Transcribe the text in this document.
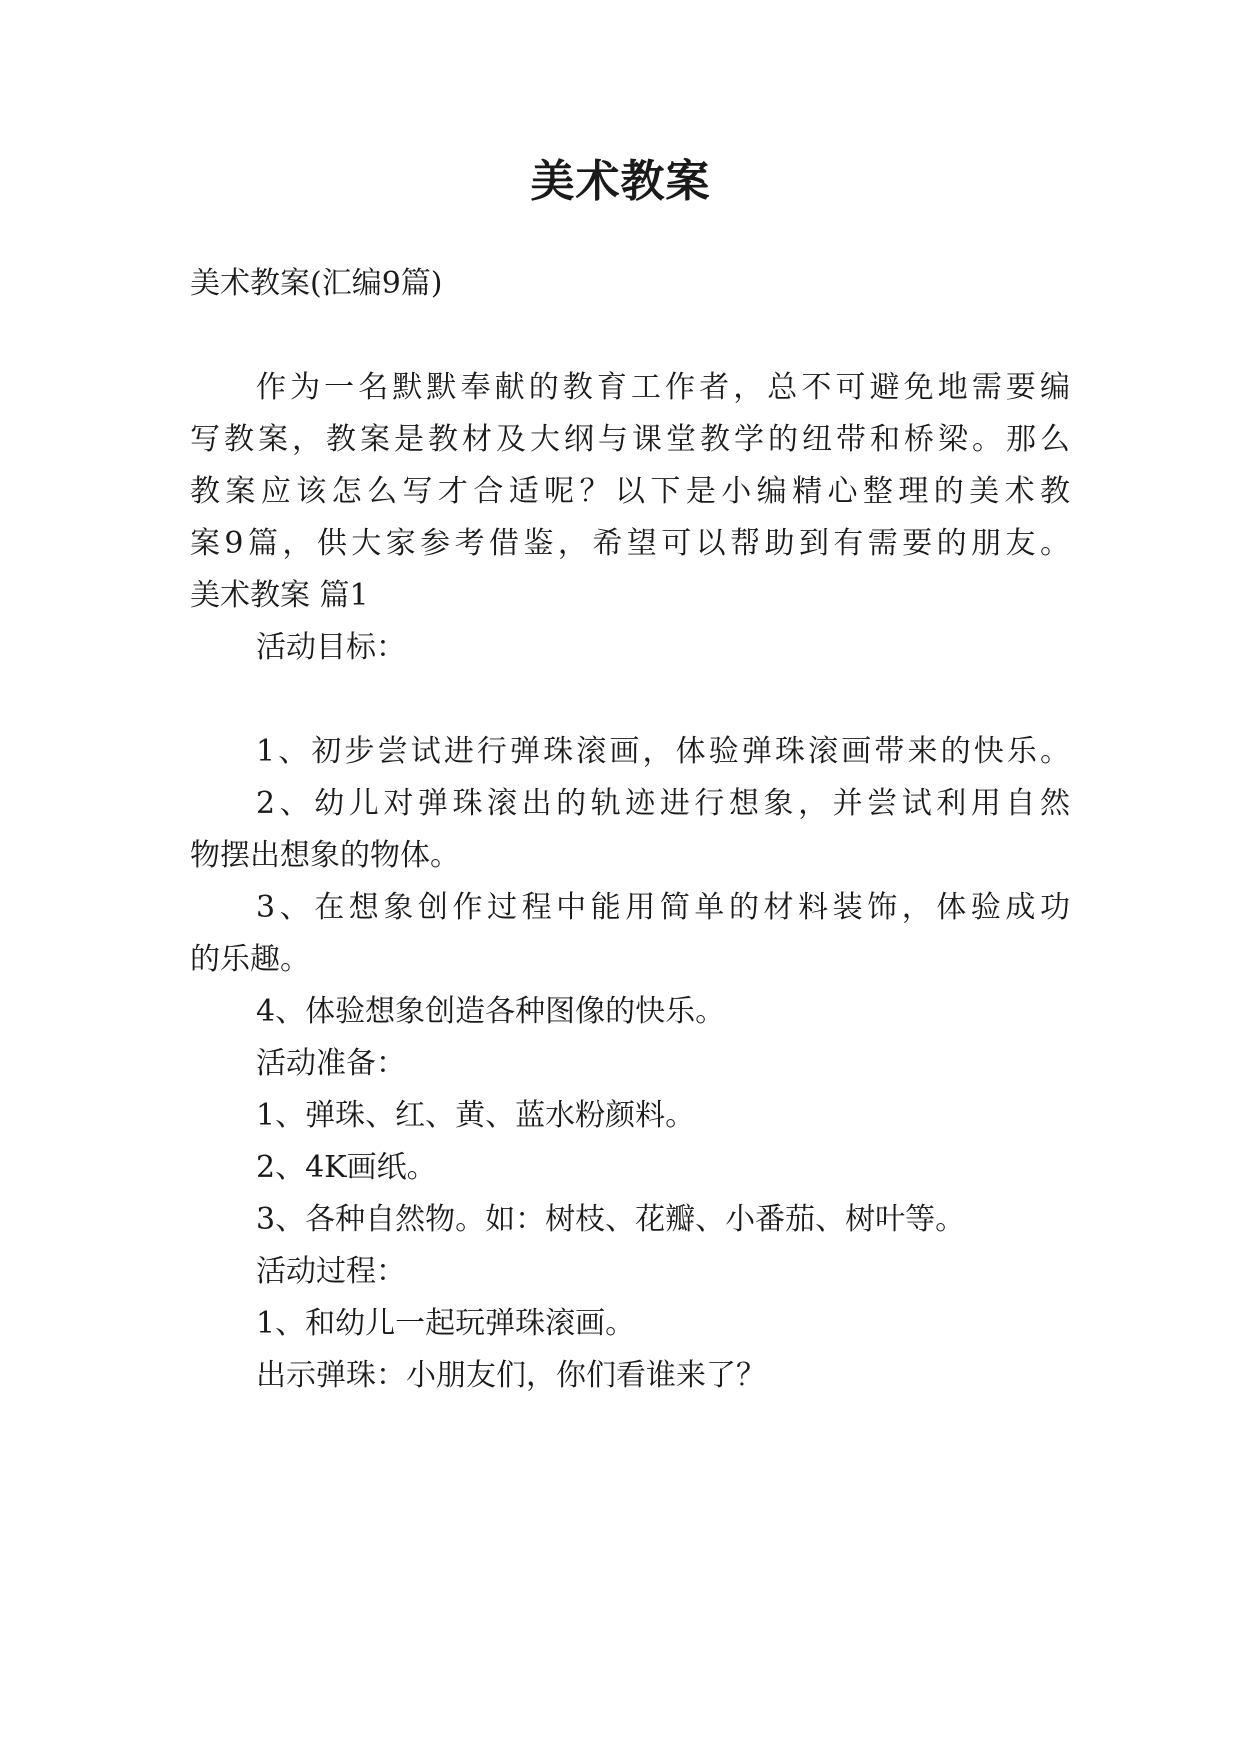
美术教案

美术教案(汇编9篇)

作为一名默默奉献的教育工作者，总不可避免地需要编

写教案，教案是教材及大纲与课堂教学的纽带和桥梁。那么

教案应该怎么写才合适呢？以下是小编精心整理的美术教

案9篇，供大家参考借鉴，希望可以帮助到有需要的朋友。

美术教案 篇1

活动目标：

1、初步尝试进行弹珠滚画，体验弹珠滚画带来的快乐。

2、幼儿对弹珠滚出的轨迹进行想象，并尝试利用自然

物摆出想象的物体。

3、在想象创作过程中能用简单的材料装饰，体验成功

的乐趣。

4、体验想象创造各种图像的快乐。

活动准备：

1、弹珠、红、黄、蓝水粉颜料。

2、4K画纸。

3、各种自然物。如：树枝、花瓣、小番茄、树叶等。

活动过程：

1、和幼儿一起玩弹珠滚画。

出示弹珠：小朋友们，你们看谁来了？
